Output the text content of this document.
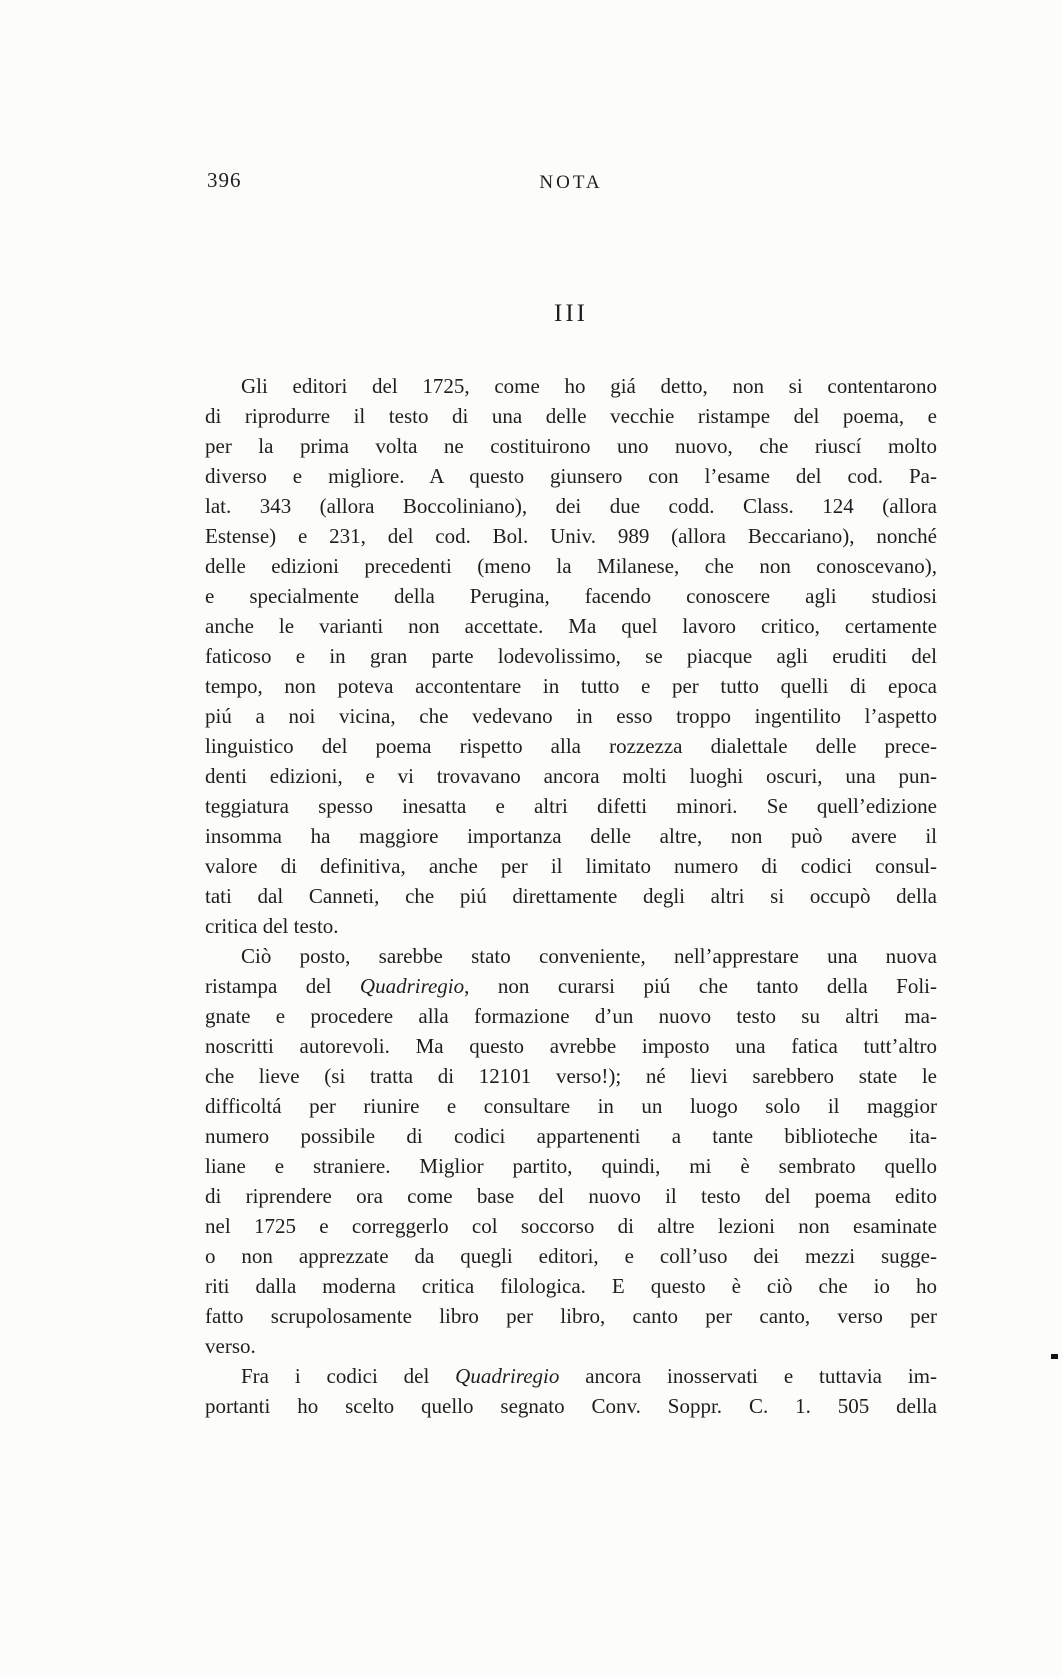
396	NOTA
III
Gli editori del 1725, come ho giá detto, non si contentarono
di riprodurre il testo di una delle vecchie ristampe del poema, e
per la prima volta ne costituirono uno nuovo, che riuscí molto
diverso e migliore. A questo giunsero con l’esame del cod. Pa-
lat. 343 (allora Boccoliniano), dei due codd. Class. 124 (allora
Estense) e 231, del cod. Bol. Univ. 989 (allora Beccariano), nonché
delle edizioni precedenti (meno la Milanese, che non conoscevano),
e specialmente della Perugina, facendo conoscere agli studiosi
anche le varianti non accettate. Ma quel lavoro critico, certamente
faticoso e in gran parte lodevolissimo, se piacque agli eruditi del
tempo, non poteva accontentare in tutto e per tutto quelli di epoca
piú a noi vicina, che vedevano in esso troppo ingentilito l’aspetto
linguistico del poema rispetto alla rozzezza dialettale delle prece-
denti edizioni, e vi trovavano ancora molti luoghi oscuri, una pun-
teggiatura spesso inesatta e altri difetti minori. Se quell’edizione
insomma ha maggiore importanza delle altre, non può avere il
valore di definitiva, anche per il limitato numero di codici consul-
tati dal Canneti, che piú direttamente degli altri si occupò della
critica del testo.
Ciò posto, sarebbe stato conveniente, nell’apprestare una nuova
ristampa del Quadriregio, non curarsi piú che tanto della Foli-
gnate e procedere alla formazione d’un nuovo testo su altri ma-
noscritti autorevoli. Ma questo avrebbe imposto una fatica tutt’altro
che lieve (si tratta di 12101 verso!); né lievi sarebbero state le
difficoltá per riunire e consultare in un luogo solo il maggior
numero possibile di codici appartenenti a tante biblioteche ita-
liane e straniere. Miglior partito, quindi, mi è sembrato quello
di riprendere ora come base del nuovo il testo del poema edito
nel 1725 e correggerlo col soccorso di altre lezioni non esaminate
o non apprezzate da quegli editori, e coll’uso dei mezzi sugge-
riti dalla moderna critica filologica. E questo è ciò che io ho
fatto scrupolosamente libro per libro, canto per canto, verso per
verso.
Fra i codici del Quadriregio ancora inosservati e tuttavia im-
portanti ho scelto quello segnato Conv. Soppr. C. 1. 505 della
